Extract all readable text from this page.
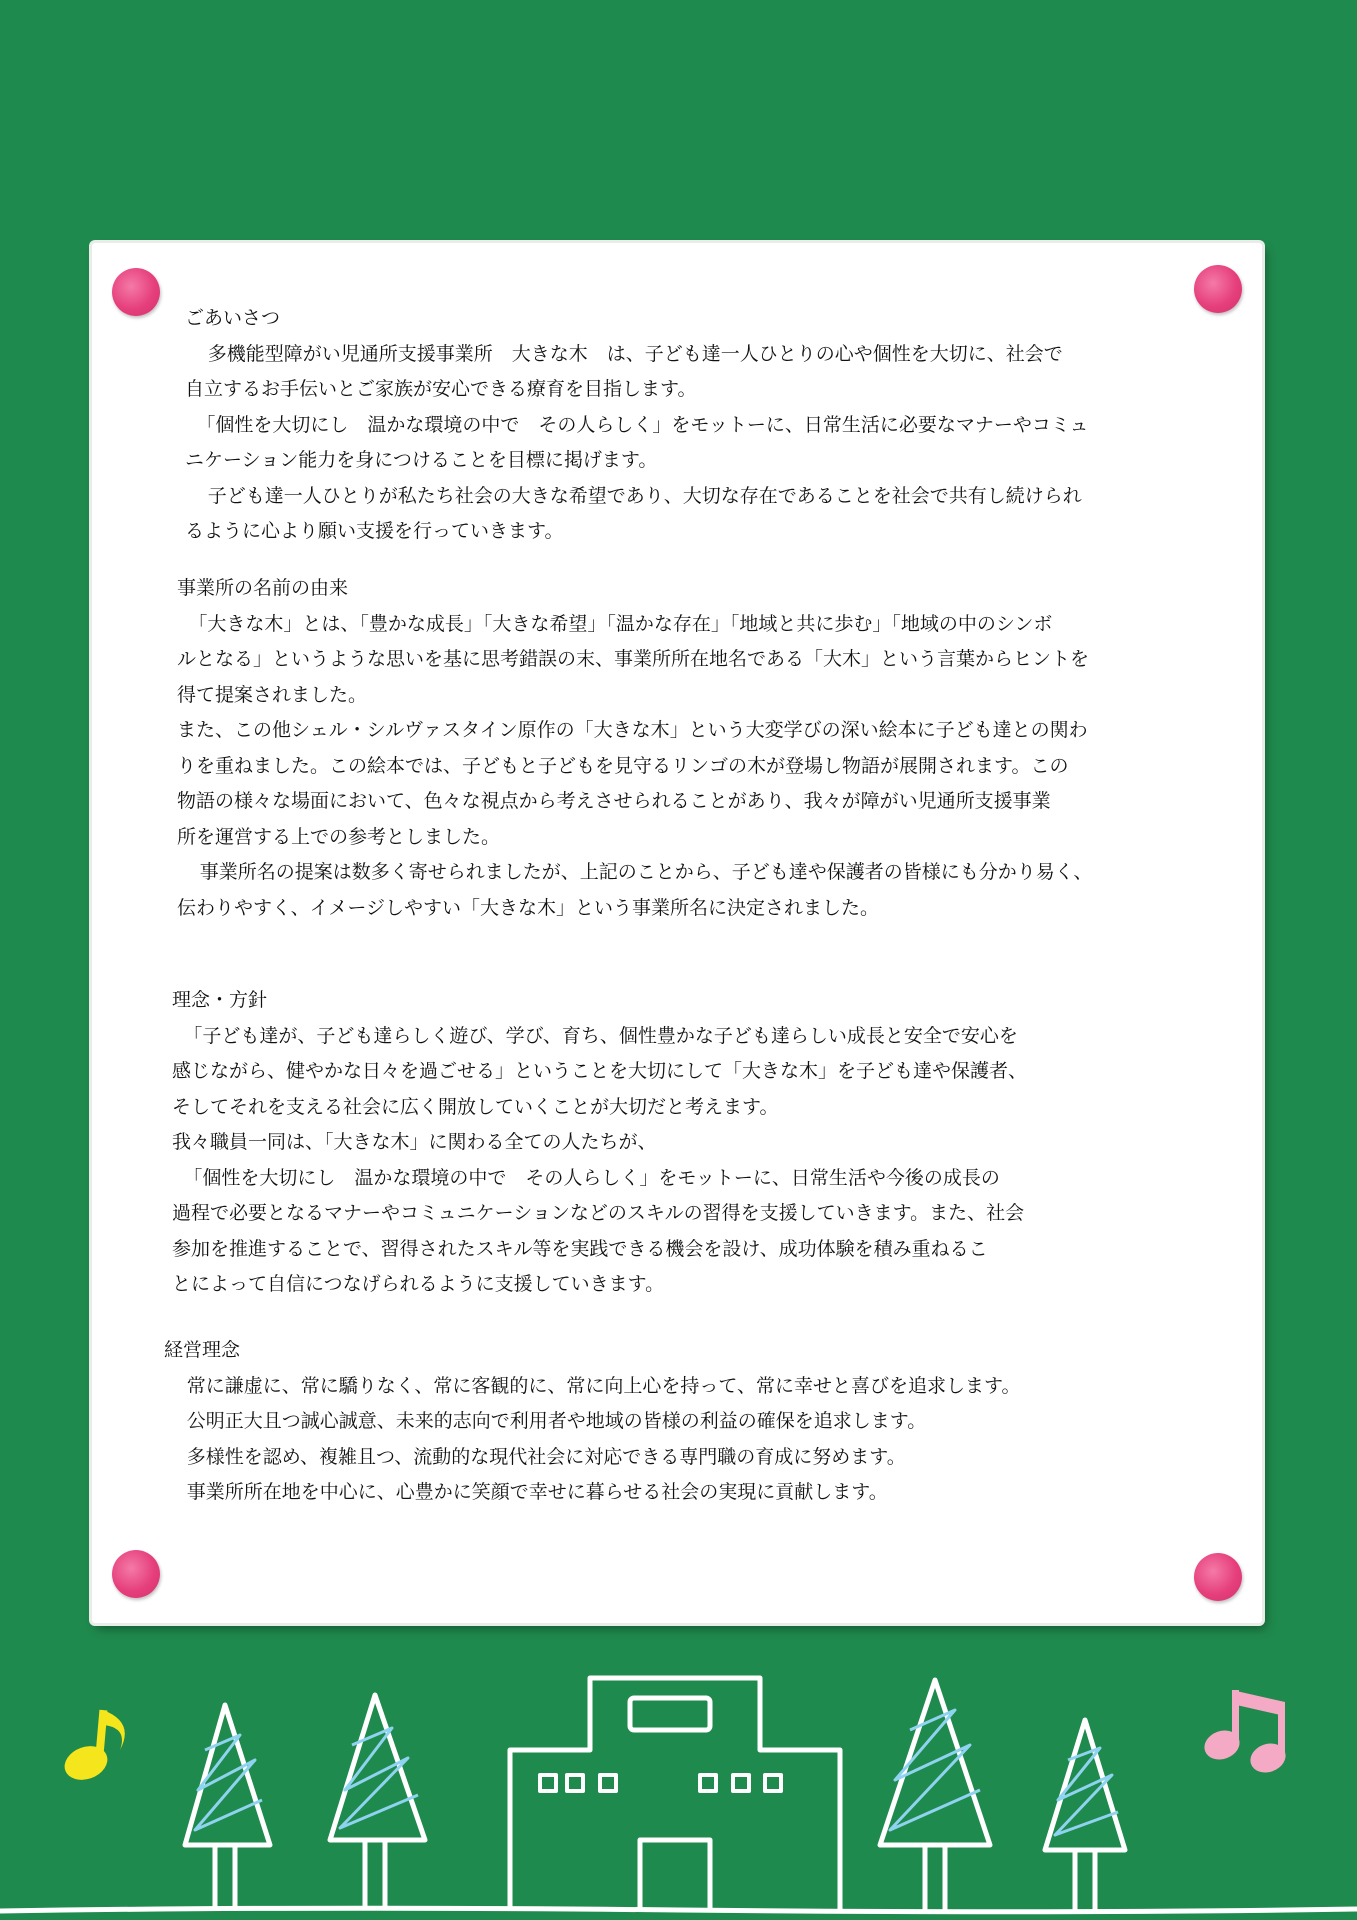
ごあいさつ

多機能型障がい児通所支援事業所　大きな木　は、子ども達一人ひとりの心や個性を大切に、社会で

自立するお手伝いとご家族が安心できる療育を目指します。

「個性を大切にし　温かな環境の中で　その人らしく」をモットーに、日常生活に必要なマナーやコミュ

ニケーション能力を身につけることを目標に掲げます。

子ども達一人ひとりが私たち社会の大きな希望であり、大切な存在であることを社会で共有し続けられ

るように心より願い支援を行っていきます。

事業所の名前の由来

「大きな木」とは、「豊かな成長」「大きな希望」「温かな存在」「地域と共に歩む」「地域の中のシンボ

ルとなる」というような思いを基に思考錯誤の末、事業所所在地名である「大木」という言葉からヒントを

得て提案されました。

また、この他シェル・シルヴァスタイン原作の「大きな木」という大変学びの深い絵本に子ども達との関わ

りを重ねました。この絵本では、子どもと子どもを見守るリンゴの木が登場し物語が展開されます。この

物語の様々な場面において、色々な視点から考えさせられることがあり、我々が障がい児通所支援事業

所を運営する上での参考としました。

事業所名の提案は数多く寄せられましたが、上記のことから、子ども達や保護者の皆様にも分かり易く、

伝わりやすく、イメージしやすい「大きな木」という事業所名に決定されました。

理念・方針

「子ども達が、子ども達らしく遊び、学び、育ち、個性豊かな子ども達らしい成長と安全で安心を

感じながら、健やかな日々を過ごせる」ということを大切にして「大きな木」を子ども達や保護者、

そしてそれを支える社会に広く開放していくことが大切だと考えます。

我々職員一同は、「大きな木」に関わる全ての人たちが、

「個性を大切にし　温かな環境の中で　その人らしく」をモットーに、日常生活や今後の成長の

過程で必要となるマナーやコミュニケーションなどのスキルの習得を支援していきます。また、社会

参加を推進することで、習得されたスキル等を実践できる機会を設け、成功体験を積み重ねるこ

とによって自信につなげられるように支援していきます。

経営理念

常に謙虚に、常に驕りなく、常に客観的に、常に向上心を持って、常に幸せと喜びを追求します。

公明正大且つ誠心誠意、未来的志向で利用者や地域の皆様の利益の確保を追求します。

多様性を認め、複雑且つ、流動的な現代社会に対応できる専門職の育成に努めます。

事業所所在地を中心に、心豊かに笑顔で幸せに暮らせる社会の実現に貢献します。
